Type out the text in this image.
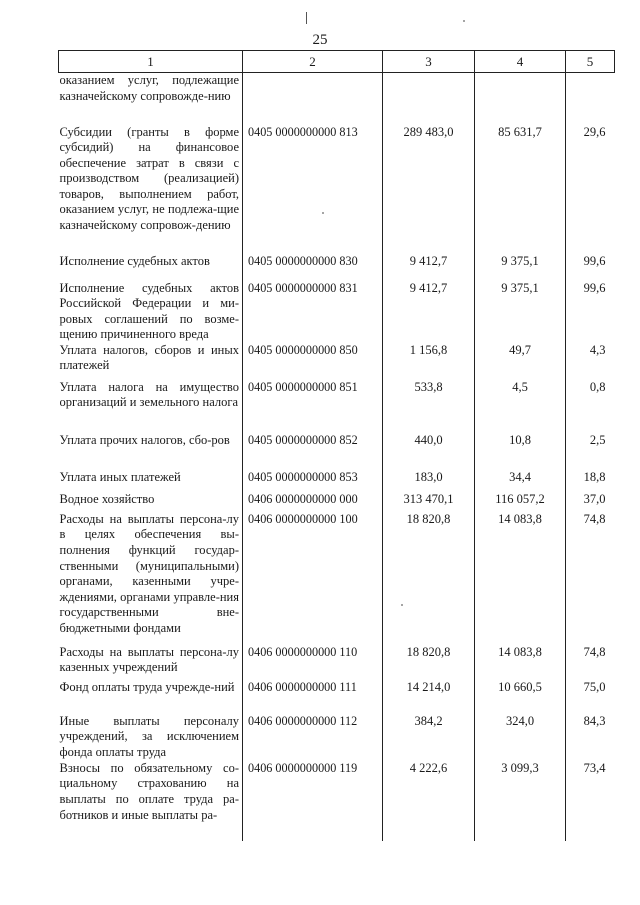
25
1	2	3	4	5
оказанием услуг, подлежащие казначейскому сопровожде-нию				
Субсидии (гранты в форме субсидий) на финансовое обеспечение затрат в связи с производством (реализацией) товаров, выполнением работ, оказанием услуг, не подлежа-щие казначейскому сопровож-дению	0405 0000000000 813	289 483,0	85 631,7	29,6
Исполнение судебных актов	0405 0000000000 830	9 412,7	9 375,1	99,6
Исполнение судебных актов Российской Федерации и ми-ровых соглашений по возме-щению причиненного вреда	0405 0000000000 831	9 412,7	9 375,1	99,6
Уплата налогов, сборов и иных платежей	0405 0000000000 850	1 156,8	49,7	4,3
Уплата налога на имущество организаций и земельного налога	0405 0000000000 851	533,8	4,5	0,8
Уплата прочих налогов, сбо-ров	0405 0000000000 852	440,0	10,8	2,5
Уплата иных платежей	0405 0000000000 853	183,0	34,4	18,8
Водное хозяйство	0406 0000000000 000	313 470,1	116 057,2	37,0
Расходы на выплаты персона-лу в целях обеспечения вы-полнения функций государ-ственными (муниципальными) органами, казенными учре-ждениями, органами управле-ния государственными вне-бюджетными фондами	0406 0000000000 100	18 820,8	14 083,8	74,8
Расходы на выплаты персона-лу казенных учреждений	0406 0000000000 110	18 820,8	14 083,8	74,8
Фонд оплаты труда учрежде-ний	0406 0000000000 111	14 214,0	10 660,5	75,0
Иные выплаты персоналу учреждений, за исключением фонда оплаты труда	0406 0000000000 112	384,2	324,0	84,3
Взносы по обязательному со-циальному страхованию на выплаты по оплате труда ра-ботников и иные выплаты ра-	0406 0000000000 119	4 222,6	3 099,3	73,4
